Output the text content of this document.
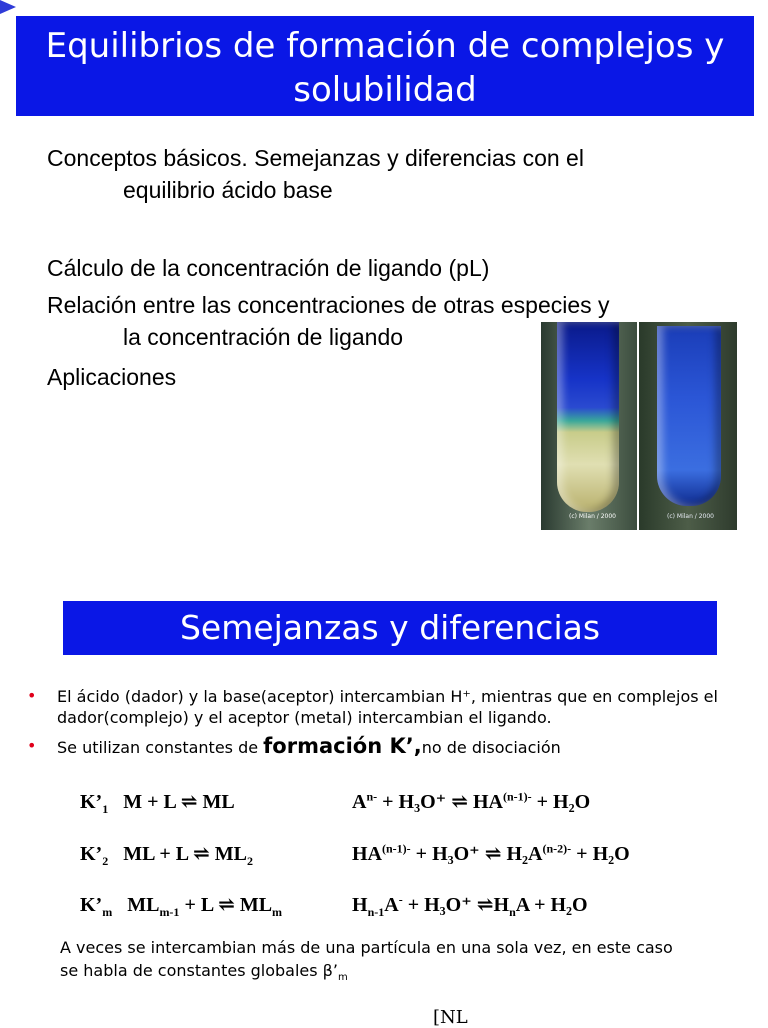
Equilibrios de formación de complejos y
solubilidad
Conceptos básicos. Semejanzas y diferencias con el
equilibrio ácido base
Cálculo de la concentración de ligando (pL)
Relación entre las concentraciones de otras especies y
la concentración de ligando
Aplicaciones
(c) Milan / 2000	(c) Milan / 2000
Semejanzas y diferencias
•	El ácido (dador) y la base(aceptor) intercambian H⁺, mientras que en complejos el dador(complejo) y el aceptor (metal) intercambian el ligando.
•	Se utilizan constantes de formación K’,no de disociación
$K’_1$ M + L ⇌ ML	$A^{n-} + H_3O^+$ ⇌ $HA^{(n-1)-} + H_2O$
$K’_2$ ML + L ⇌ $ML_2$	$HA^{(n-1)-} + H_3O^+$ ⇌ $H_2A^{(n-2)-} + H_2O$
$K’_m$ $ML_{m-1} + L$ ⇌ $ML_m$	$H_{n-1}A^- + H_3O^+$ $\rightleftharpoons H_nA + H_2O$
A veces se intercambian más de una partícula en una sola vez, en este caso
se habla de constantes globales $\beta’_m$
[NL
